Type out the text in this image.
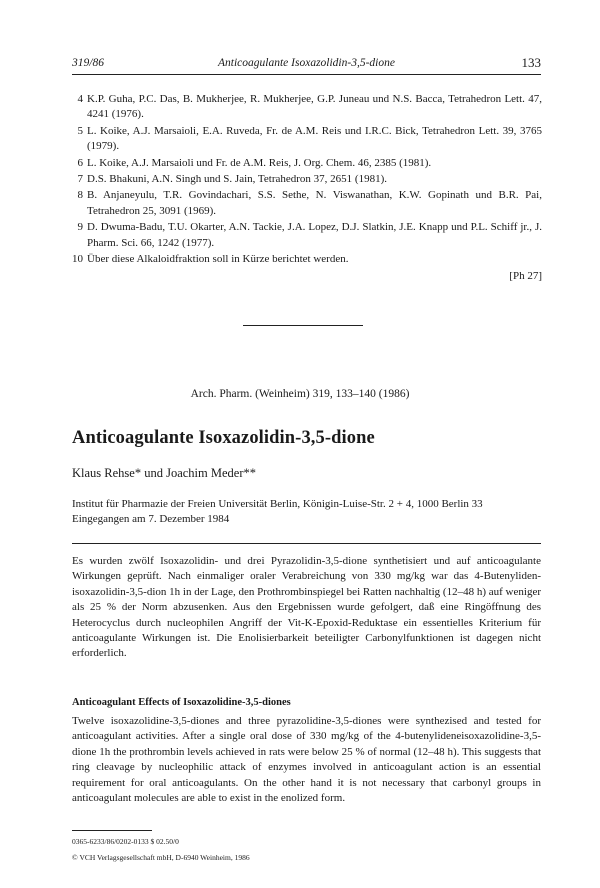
319/86	Anticoagulante Isoxazolidin-3,5-dione	133
4 K.P. Guha, P.C. Das, B. Mukherjee, R. Mukherjee, G.P. Juneau und N.S. Bacca, Tetrahedron Lett. 47, 4241 (1976).
5 L. Koike, A.J. Marsaioli, E.A. Ruveda, Fr. de A.M. Reis und I.R.C. Bick, Tetrahedron Lett. 39, 3765 (1979).
6 L. Koike, A.J. Marsaioli und Fr. de A.M. Reis, J. Org. Chem. 46, 2385 (1981).
7 D.S. Bhakuni, A.N. Singh und S. Jain, Tetrahedron 37, 2651 (1981).
8 B. Anjaneyulu, T.R. Govindachari, S.S. Sethe, N. Viswanathan, K.W. Gopinath und B.R. Pai, Tetrahedron 25, 3091 (1969).
9 D. Dwuma-Badu, T.U. Okarter, A.N. Tackie, J.A. Lopez, D.J. Slatkin, J.E. Knapp und P.L. Schiff jr., J. Pharm. Sci. 66, 1242 (1977).
10 Über diese Alkaloidfraktion soll in Kürze berichtet werden.
[Ph 27]
Arch. Pharm. (Weinheim) 319, 133–140 (1986)
Anticoagulante Isoxazolidin-3,5-dione
Klaus Rehse* und Joachim Meder**
Institut für Pharmazie der Freien Universität Berlin, Königin-Luise-Str. 2 + 4, 1000 Berlin 33
Eingegangen am 7. Dezember 1984
Es wurden zwölf Isoxazolidin- und drei Pyrazolidin-3,5-dione synthetisiert und auf anticoagulante Wirkungen geprüft. Nach einmaliger oraler Verabreichung von 330 mg/kg war das 4-Butenyliden-isoxazolidin-3,5-dion 1h in der Lage, den Prothrombinspiegel bei Ratten nachhaltig (12–48 h) auf weniger als 25 % der Norm abzusenken. Aus den Ergebnissen wurde gefolgert, daß eine Ringöffnung des Heterocyclus durch nucleophilen Angriff der Vit-K-Epoxid-Reduktase ein essentielles Kriterium für anticoagulante Wirkungen ist. Die Enolisierbarkeit beteiligter Carbonylfunktionen ist dagegen nicht erforderlich.
Anticoagulant Effects of Isoxazolidine-3,5-diones
Twelve isoxazolidine-3,5-diones and three pyrazolidine-3,5-diones were synthezised and tested for anticoagulant activities. After a single oral dose of 330 mg/kg of the 4-butenylideneisoxazolidine-3,5-dione 1h the prothrombin levels achieved in rats were below 25 % of normal (12–48 h). This suggests that ring cleavage by nucleophilic attack of enzymes involved in anticoagulant action is an essential requirement for oral anticoagulants. On the other hand it is not necessary that carbonyl groups in anticoagulant molecules are able to exist in the enolized form.
0365-6233/86/0202-0133 $ 02.50/0
© VCH Verlagsgesellschaft mbH, D-6940 Weinheim, 1986
